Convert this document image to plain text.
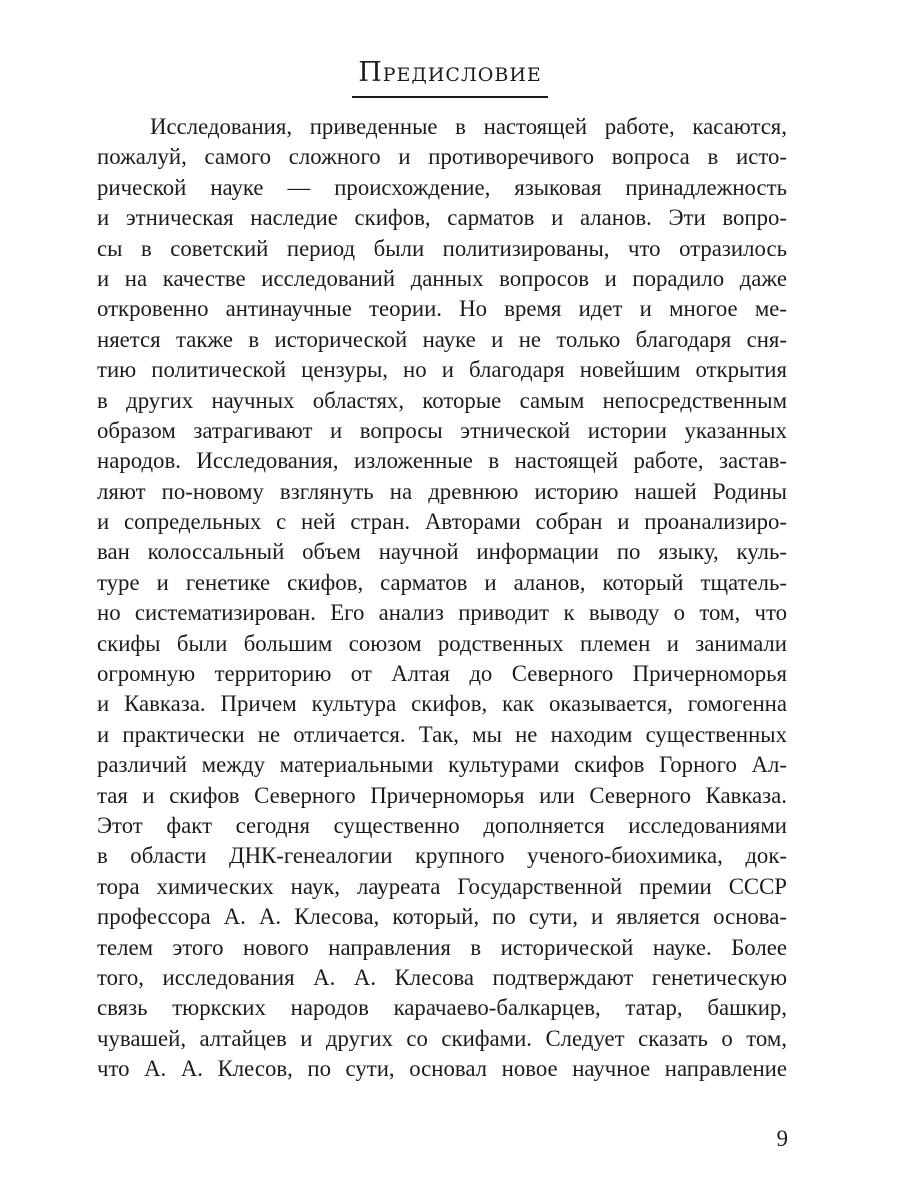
Предисловие
Исследования, приведенные в настоящей работе, касаются,
пожалуй, самого сложного и противоречивого вопроса в исто-
рической науке — происхождение, языковая принадлежность
и этническая наследие скифов, сарматов и аланов. Эти вопро-
сы в советский период были политизированы, что отразилось
и на качестве исследований данных вопросов и порадило даже
откровенно антинаучные теории. Но время идет и многое ме-
няется также в исторической науке и не только благодаря сня-
тию политической цензуры, но и благодаря новейшим открытия
в других научных областях, которые самым непосредственным
образом затрагивают и вопросы этнической истории указанных
народов. Исследования, изложенные в настоящей работе, застав-
ляют по-новому взглянуть на древнюю историю нашей Родины
и сопредельных с ней стран. Авторами собран и проанализиро-
ван колоссальный объем научной информации по языку, куль-
туре и генетике скифов, сарматов и аланов, который тщатель-
но систематизирован. Его анализ приводит к выводу о том, что
скифы были большим союзом родственных племен и занимали
огромную территорию от Алтая до Северного Причерноморья
и Кавказа. Причем культура скифов, как оказывается, гомогенна
и практически не отличается. Так, мы не находим существенных
различий между материальными культурами скифов Горного Ал-
тая и скифов Северного Причерноморья или Северного Кавказа.
Этот факт сегодня существенно дополняется исследованиями
в области ДНК-генеалогии крупного ученого-биохимика, док-
тора химических наук, лауреата Государственной премии СССР
профессора А. А. Клесова, который, по сути, и является основа-
телем этого нового направления в исторической науке. Более
того, исследования А. А. Клесова подтверждают генетическую
связь тюркских народов карачаево-балкарцев, татар, башкир,
чувашей, алтайцев и других со скифами. Следует сказать о том,
что А. А. Клесов, по сути, основал новое научное направление
9
